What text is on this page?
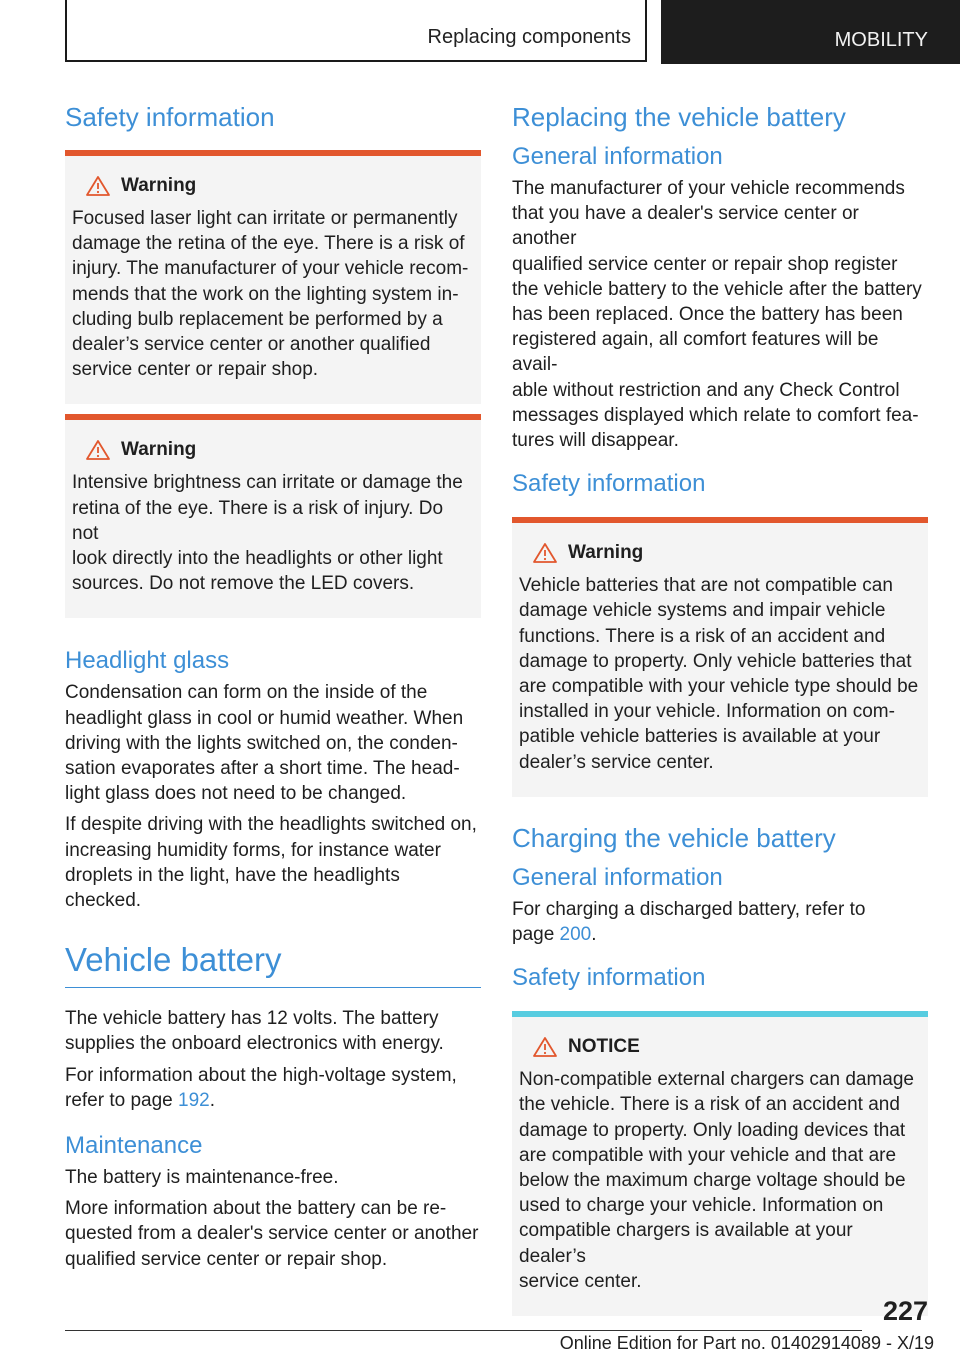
Replacing components	MOBILITY
Safety information
Warning

Focused laser light can irritate or permanently
damage the retina of the eye. There is a risk of
injury. The manufacturer of your vehicle recom‐
mends that the work on the lighting system in‐
cluding bulb replacement be performed by a
dealer’s service center or another qualified
service center or repair shop.

Warning

Intensive brightness can irritate or damage the
retina of the eye. There is a risk of injury. Do not
look directly into the headlights or other light
sources. Do not remove the LED covers.

Headlight glass

Condensation can form on the inside of the
headlight glass in cool or humid weather. When
driving with the lights switched on, the conden‐
sation evaporates after a short time. The head‐
light glass does not need to be changed.

If despite driving with the headlights switched on,
increasing humidity forms, for instance water
droplets in the light, have the headlights
checked.

Vehicle battery

The vehicle battery has 12 volts. The battery
supplies the onboard electronics with energy.

For information about the high-voltage system,
refer to page 192.

Maintenance

The battery is maintenance-free.

More information about the battery can be re‐
quested from a dealer's service center or another
qualified service center or repair shop.

Replacing the vehicle battery
General information

The manufacturer of your vehicle recommends
that you have a dealer's service center or another
qualified service center or repair shop register
the vehicle battery to the vehicle after the battery
has been replaced. Once the battery has been
registered again, all comfort features will be avail‐
able without restriction and any Check Control
messages displayed which relate to comfort fea‐
tures will disappear.

Safety information
Warning

Vehicle batteries that are not compatible can
damage vehicle systems and impair vehicle
functions. There is a risk of an accident and
damage to property. Only vehicle batteries that
are compatible with your vehicle type should be
installed in your vehicle. Information on com‐
patible vehicle batteries is available at your
dealer’s service center.

Charging the vehicle battery
General information

For charging a discharged battery, refer to
page 200.

Safety information
NOTICE

Non-compatible external chargers can damage
the vehicle. There is a risk of an accident and
damage to property. Only loading devices that
are compatible with your vehicle and that are
below the maximum charge voltage should be
used to charge your vehicle. Information on
compatible chargers is available at your dealer’s
service center.

227
Online Edition for Part no. 01402914089 - X/19
